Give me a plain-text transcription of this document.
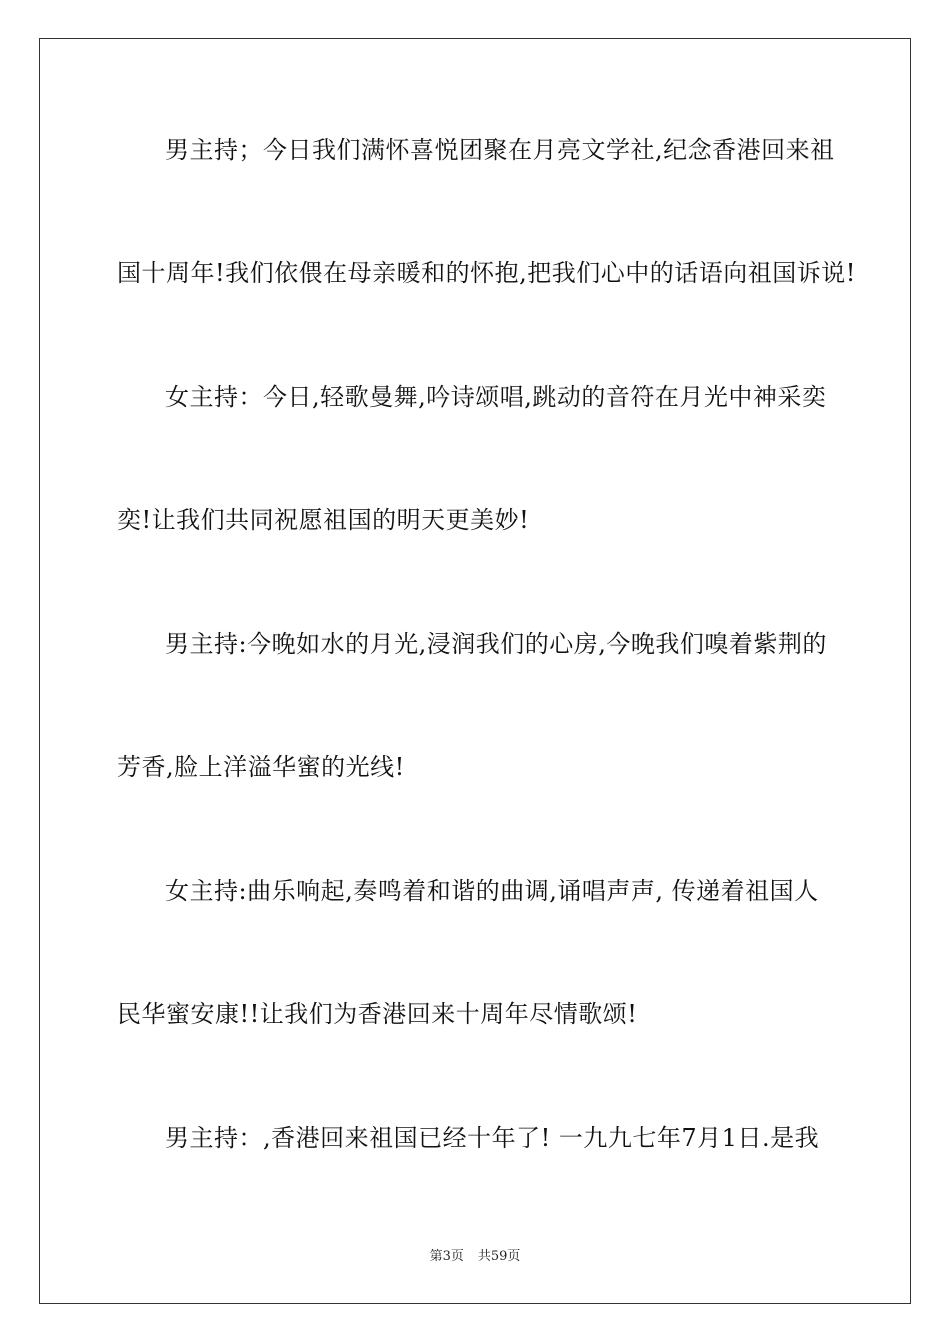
男主持；今日我们满怀喜悦团聚在月亮文学社,纪念香港回来祖
国十周年!我们依偎在母亲暖和的怀抱,把我们心中的话语向祖国诉说!
女主持：今日,轻歌曼舞,吟诗颂唱,跳动的音符在月光中神采奕
奕!让我们共同祝愿祖国的明天更美妙!
男主持:今晚如水的月光,浸润我们的心房,今晚我们嗅着紫荆的
芳香,脸上洋溢华蜜的光线!
女主持:曲乐响起,奏鸣着和谐的曲调,诵唱声声, 传递着祖国人
民华蜜安康!!让我们为香港回来十周年尽情歌颂!
男主持：,香港回来祖国已经十年了! 一九九七年7月1日.是我
第3页 共59页
